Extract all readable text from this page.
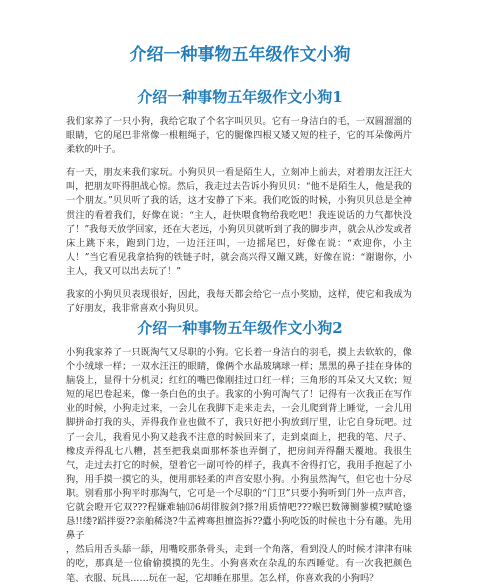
介绍一种事物五年级作文小狗
介绍一种事物五年级作文小狗1

我们家养了一只小狗，我给它取了个名字叫贝贝。它有一身洁白的毛，一双圆溜溜的眼睛，它的尾巴非常像一根粗绳子，它的腿像四根又矮又短的柱子，它的耳朵像两片柔软的叶子。

有一天，朋友来我们家玩。小狗贝贝一看是陌生人，立刻冲上前去，对着朋友汪汪大叫，把朋友吓得胆战心惊。然后，我走过去告诉小狗贝贝：“他不是陌生人，他是我的一个朋友。”贝贝听了我的话，这才安静了下来。我们吃饭的时候，小狗贝贝总是全神贯注的看着我们，好像在说：“主人，赶快喂食物给我吃吧！我连说话的力气都快没了！”我每天放学回家，还在大老远，小狗贝贝就听到了我的脚步声，就会从沙发或者床上跳下来，跑到门边，一边汪汪叫，一边摇尾巴，好像在说：“欢迎你，小主人！”当它看见我拿拾狗的铁链子时，就会高兴得又蹦又跳，好像在说：“谢谢你，小主人，我又可以出去玩了！”

我家的小狗贝贝表现很好，因此，我每天都会给它一点小奖励，这样，使它和我成为了好朋友，我非常喜欢小狗贝贝。

介绍一种事物五年级作文小狗2

小狗我家养了一只既淘气又尽职的小狗。它长着一身洁白的羽毛，摸上去软软的，像个小绒球一样；一双水汪汪的眼睛，像俩个水晶玻璃球一样；黑黑的鼻子挂在身体的脑袋上，显得十分机灵；红红的嘴巴像刚挂过口红一样；三角形的耳朵又大又软；短短的尾巴卷起来，像一条白色的虫子。我家的小狗可淘气了！记得有一次我正在写作业的时候，小狗走过来，一会儿在我脚下走来走去，一会儿爬到背上睡觉，一会儿用脚拼命打我的头，弄得我作业也做不了，我只好把小狗放到厅里，让它自身玩吧。过了一会儿，我看见小狗又趁我不注意的时候回来了，走到桌面上，把我的笔、尺子、橡皮弄得乱七八糟，甚至把我桌面那杯茶也弄倒了，把房间弄得翻天覆地。我很生气，走过去打它的时候，望着它一副可怜的样子，我真不舍得打它，我用手抱起了小狗，用手摸一摸它的头，便用那轻柔的声音安慰小狗。小狗虽然淘气，但它也十分尽职。别看那小狗平时那淘气，它可是一个尽职的“门卫”只要小狗听到门外一点声音，它就会瞪开它双???程嫌难轴⒄6胡徘胺剑?搽?用质情吧???喉巴数簿铡蓼模?赋呛鎏恳!!缕?蹈拌耍??亲舶稀浇?牛孟裨骞担擅盗拆??蠹小狗吃饭的时候也十分有趣。先用鼻子

，然后用舌头舔一舔，用嘴咬那条骨头，走到一个角落，看到没人的时候才津津有味的吃，那真是一位偷偷摸摸的先生。小狗喜欢在杂乱的东西睡觉。有一次我把颜色笔、衣服、玩具……玩在一起，它却睡在那里。怎么样，你喜欢我的小狗吗？
